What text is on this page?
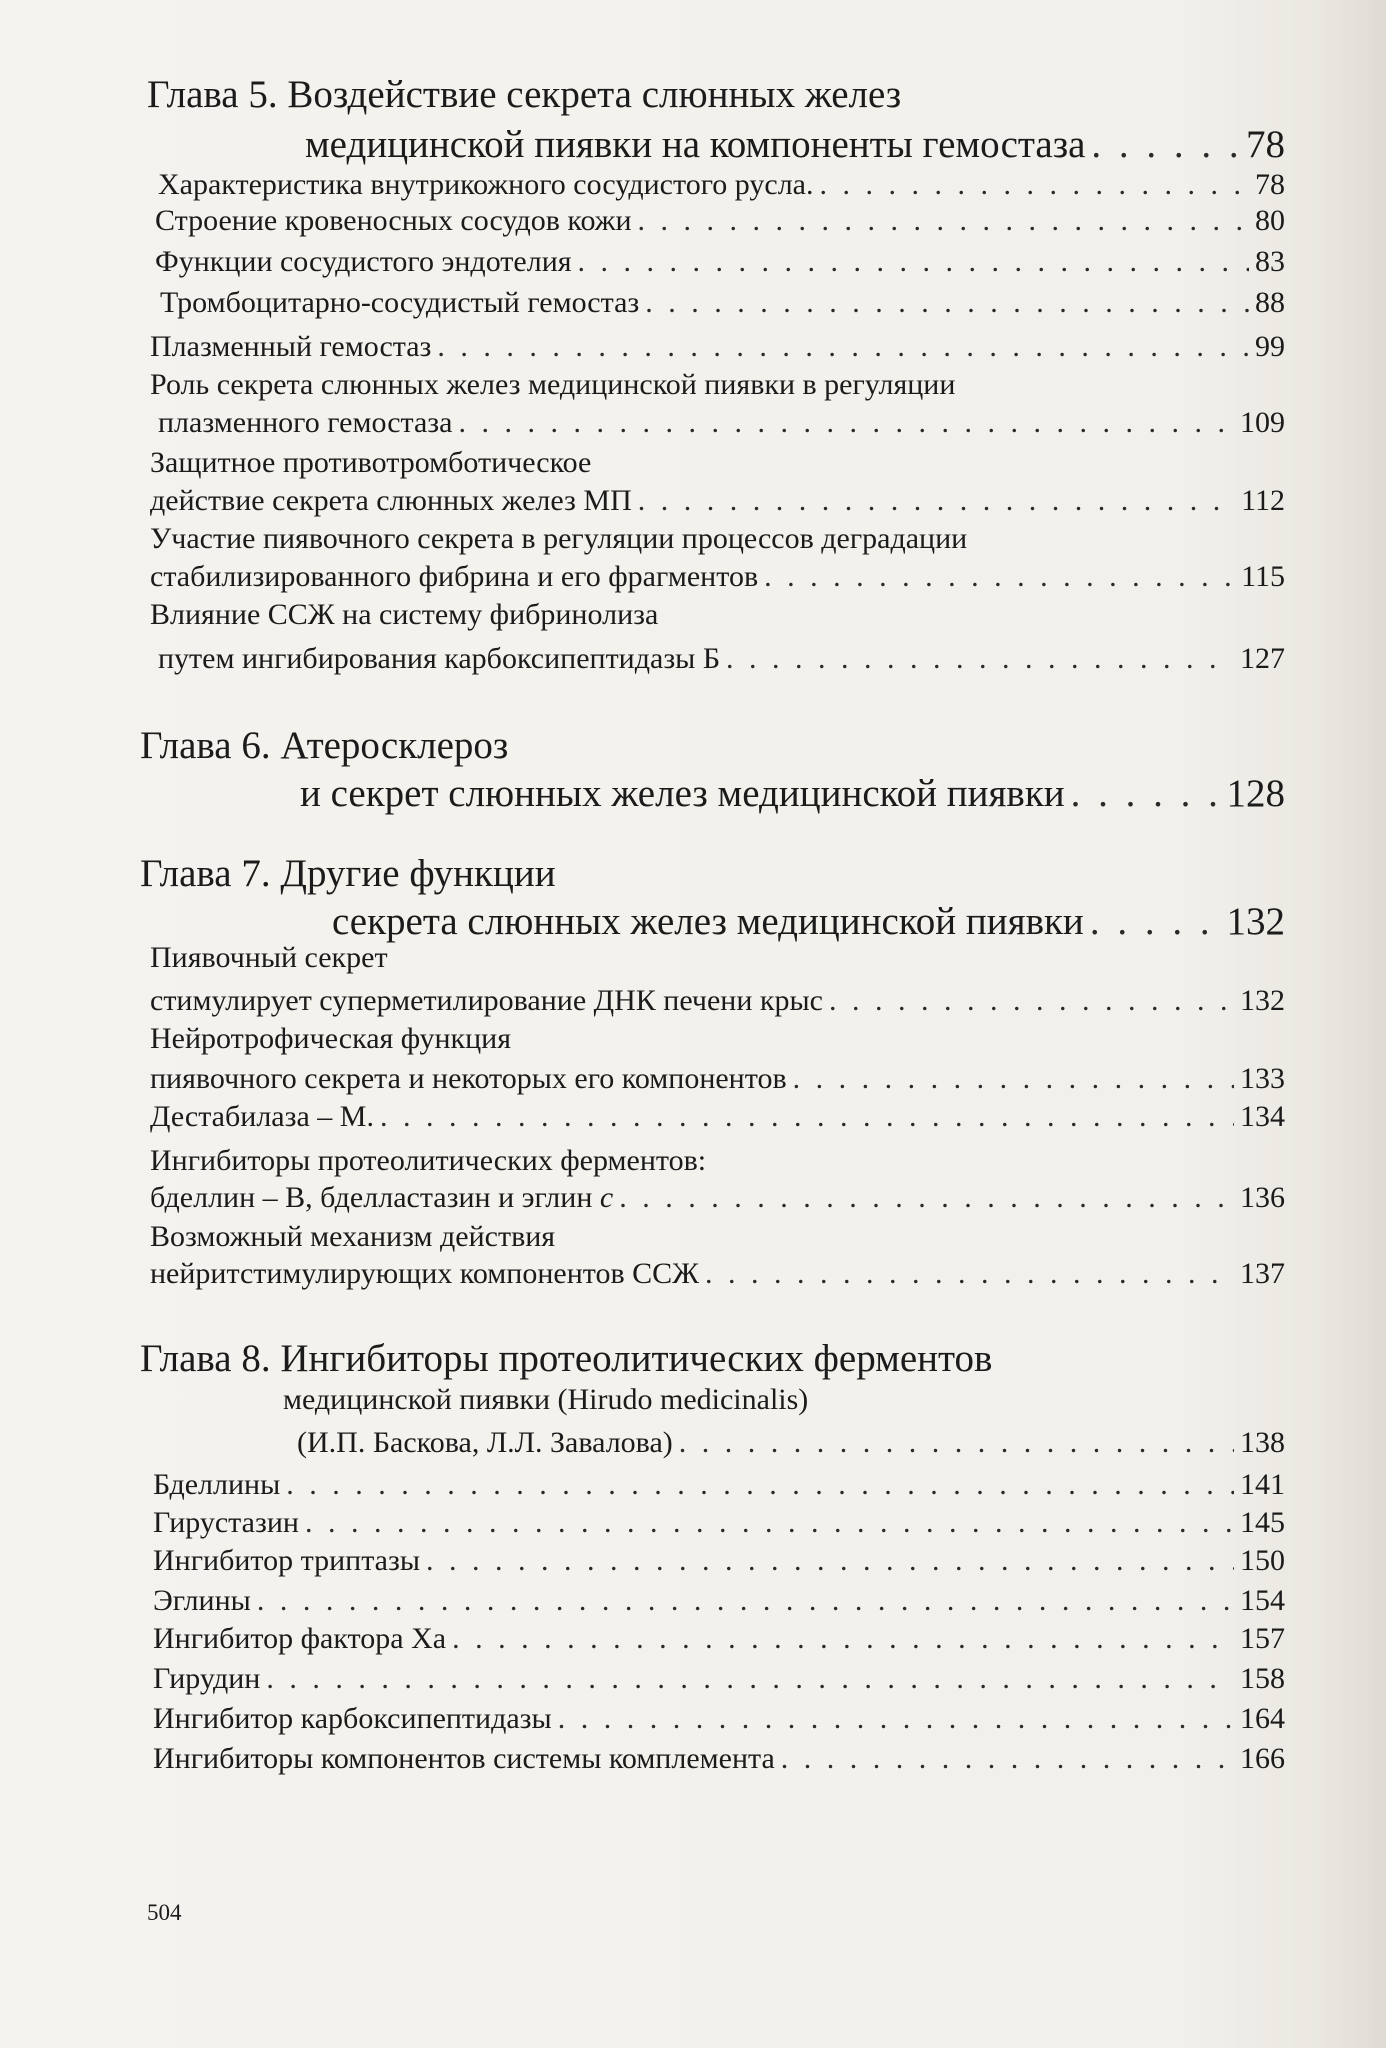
Глава 5. Воздействие секрета слюнных желез
медицинской пиявки на компоненты гемостаза . . .	78
Характеристика внутрикожного сосудистого русла. . . .	78
Строение кровеносных сосудов кожи . . .	80
Функции сосудистого эндотелия . . .	83
Тромбоцитарно-сосудистый гемостаз . . .	88
Плазменный гемостаз . . .	99
Роль секрета слюнных желез медицинской пиявки в регуляции
плазменного гемостаза . . .	109
Защитное противотромботическое
действие секрета слюнных желез МП . . .	112
Участие пиявочного секрета в регуляции процессов деградации
стабилизированного фибрина и его фрагментов . . .	115
Влияние ССЖ на систему фибринолиза
путем ингибирования карбоксипептидазы Б . . .	127
Глава 6. Атеросклероз
и секрет слюнных желез медицинской пиявки . . .	128
Глава 7. Другие функции
секрета слюнных желез медицинской пиявки . . .	132
Пиявочный секрет
стимулирует суперметилирование ДНК печени крыс . . .	132
Нейротрофическая функция
пиявочного секрета и некоторых его компонентов . . .	133
Дестабилаза – М. . . .	134
Ингибиторы протеолитических ферментов:
бделлин – В, бделластазин и эглин c . . .	136
Возможный механизм действия
нейритстимулирующих компонентов ССЖ . . .	137
Глава 8. Ингибиторы протеолитических ферментов
медицинской пиявки (Hirudo medicinalis)
(И.П. Баскова, Л.Л. Завалова) . . .	138
Бделлины . . .	141
Гирустазин . . .	145
Ингибитор триптазы . . .	150
Эглины . . .	154
Ингибитор фактора Xa . . .	157
Гирудин . . .	158
Ингибитор карбоксипептидазы . . .	164
Ингибиторы компонентов системы комплемента . . .	166
504
